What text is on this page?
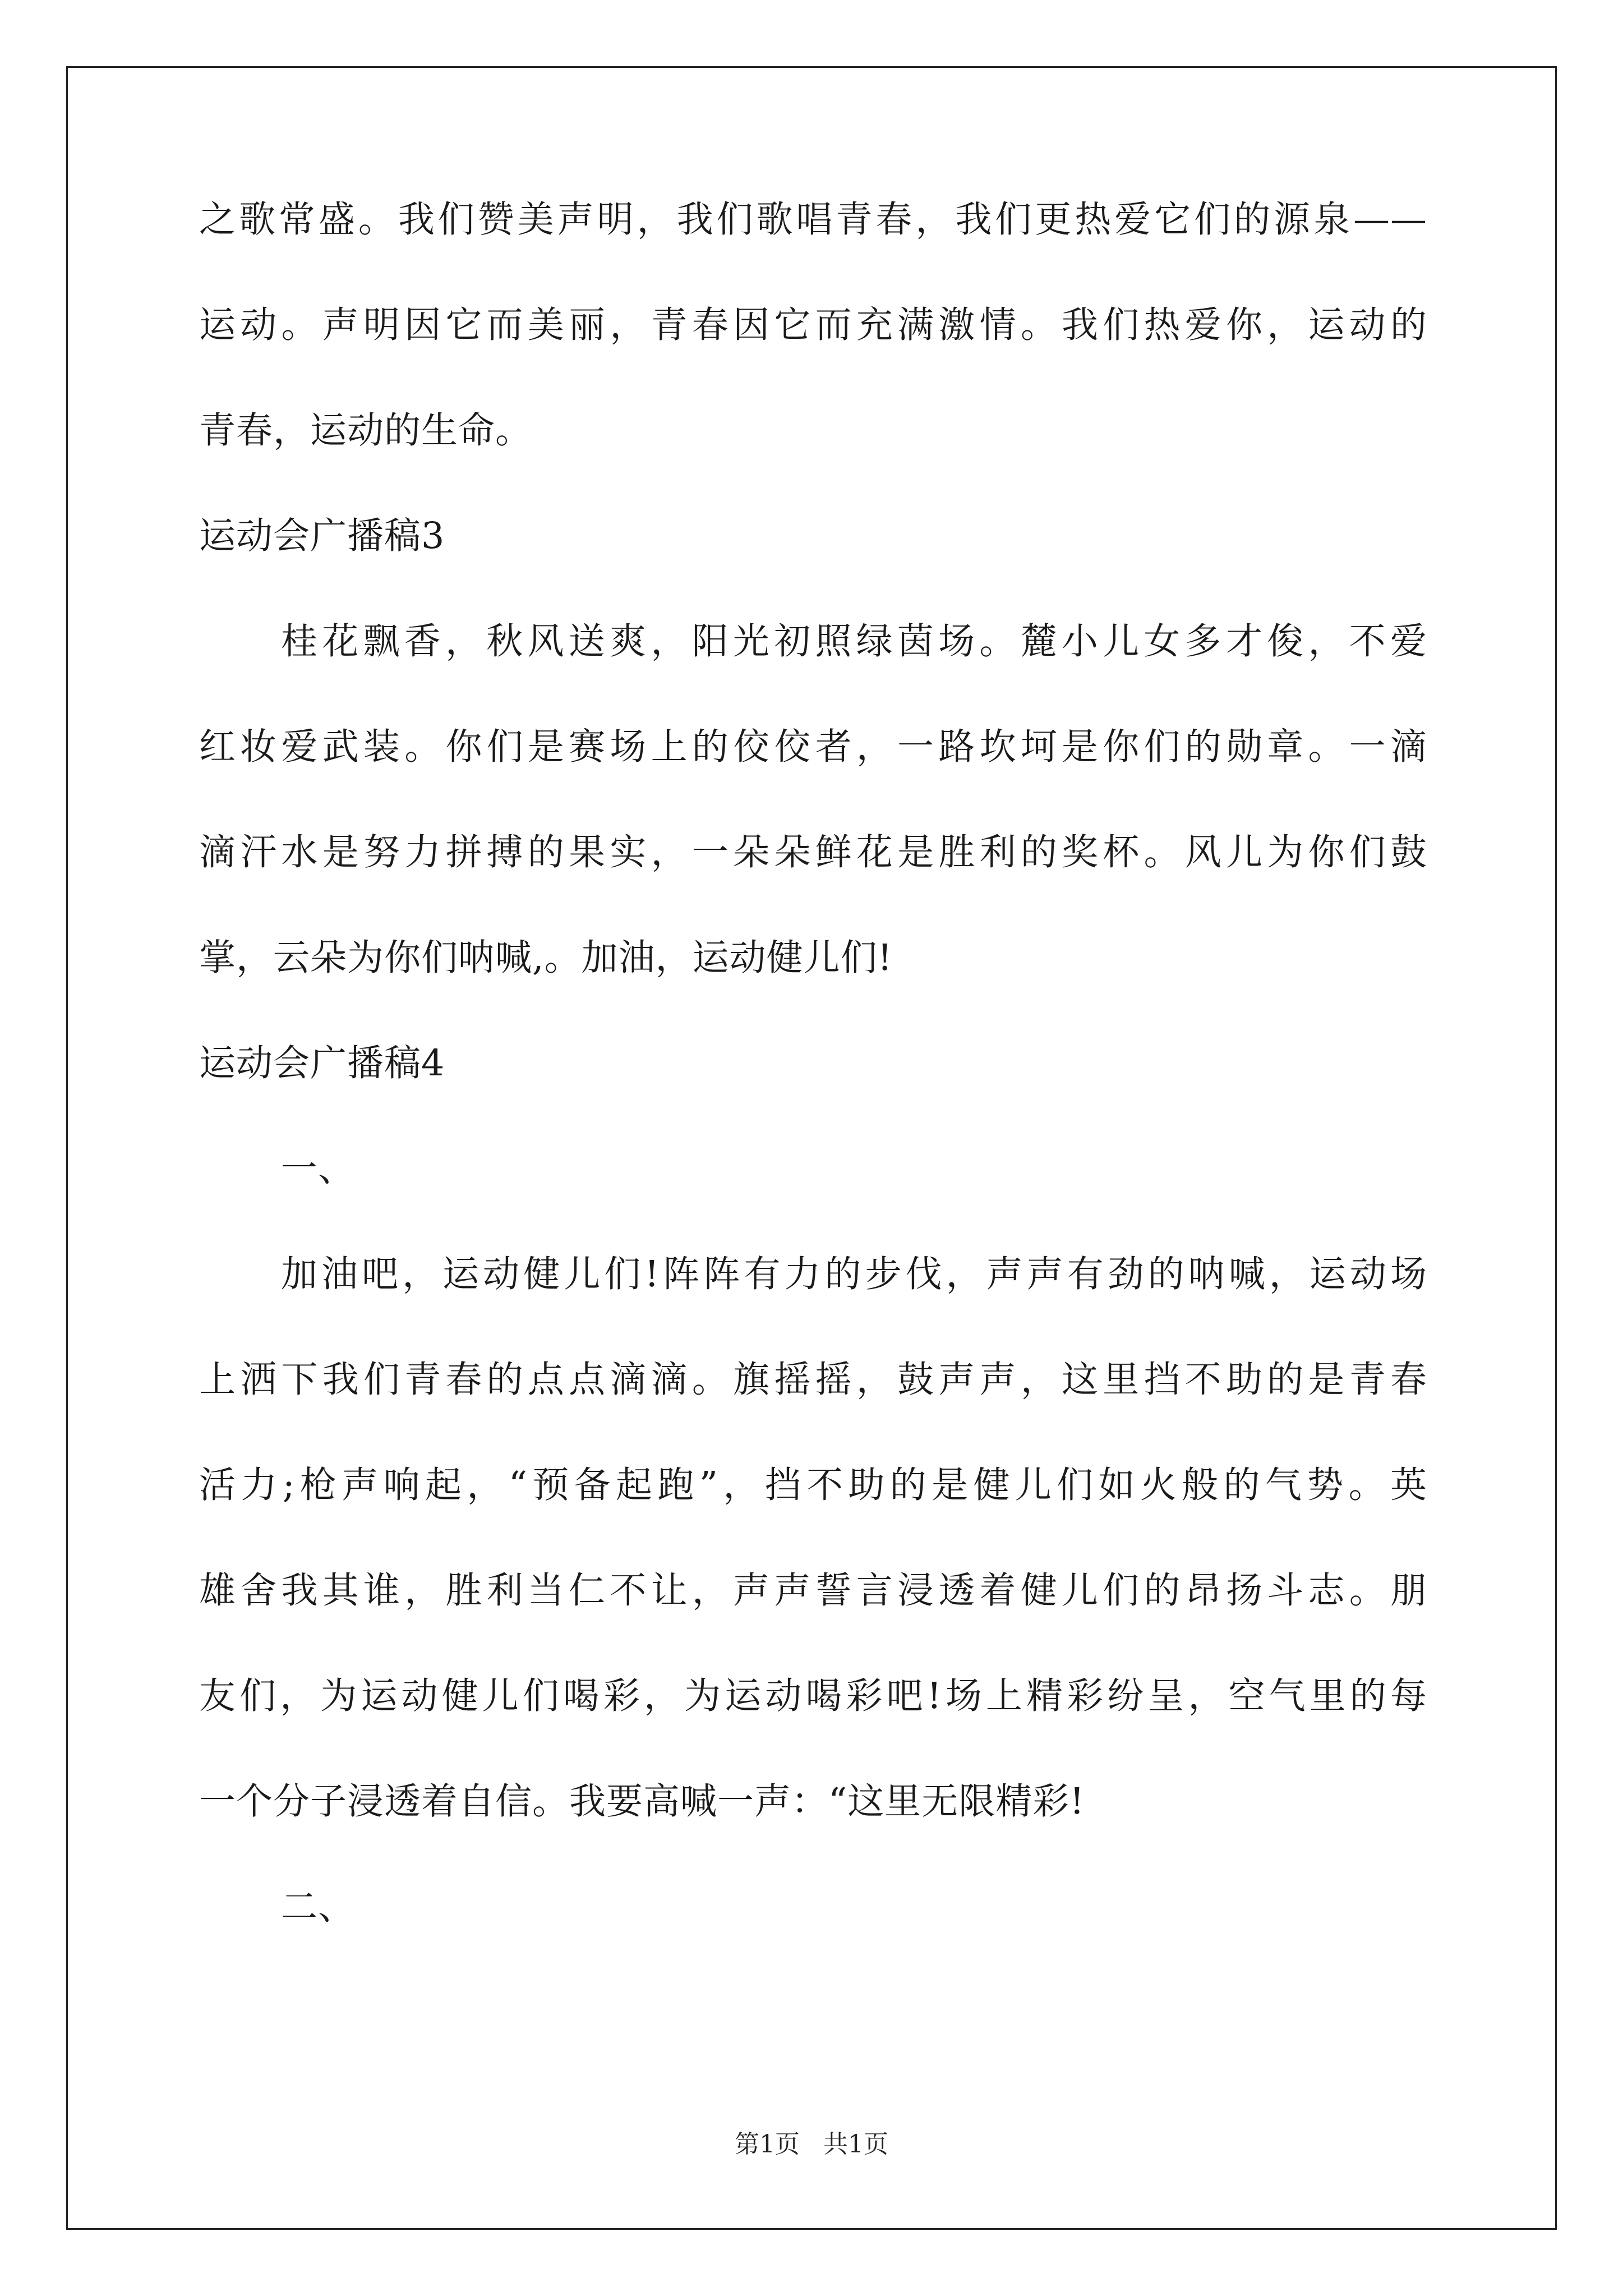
之歌常盛。我们赞美声明，我们歌唱青春，我们更热爱它们的源泉——
运动。声明因它而美丽，青春因它而充满激情。我们热爱你，运动的
青春，运动的生命。
运动会广播稿3
桂花飘香，秋风送爽，阳光初照绿茵场。麓小儿女多才俊，不爱
红妆爱武装。你们是赛场上的佼佼者，一路坎坷是你们的勋章。一滴
滴汗水是努力拼搏的果实，一朵朵鲜花是胜利的奖杯。风儿为你们鼓
掌，云朵为你们呐喊,。加油，运动健儿们!
运动会广播稿4
一、
加油吧，运动健儿们!阵阵有力的步伐，声声有劲的呐喊，运动场
上洒下我们青春的点点滴滴。旗摇摇，鼓声声，这里挡不助的是青春
活力;枪声响起，“预备起跑”，挡不助的是健儿们如火般的气势。英
雄舍我其谁，胜利当仁不让，声声誓言浸透着健儿们的昂扬斗志。朋
友们，为运动健儿们喝彩，为运动喝彩吧!场上精彩纷呈，空气里的每
一个分子浸透着自信。我要高喊一声：“这里无限精彩!
二、
第1页   共1页
